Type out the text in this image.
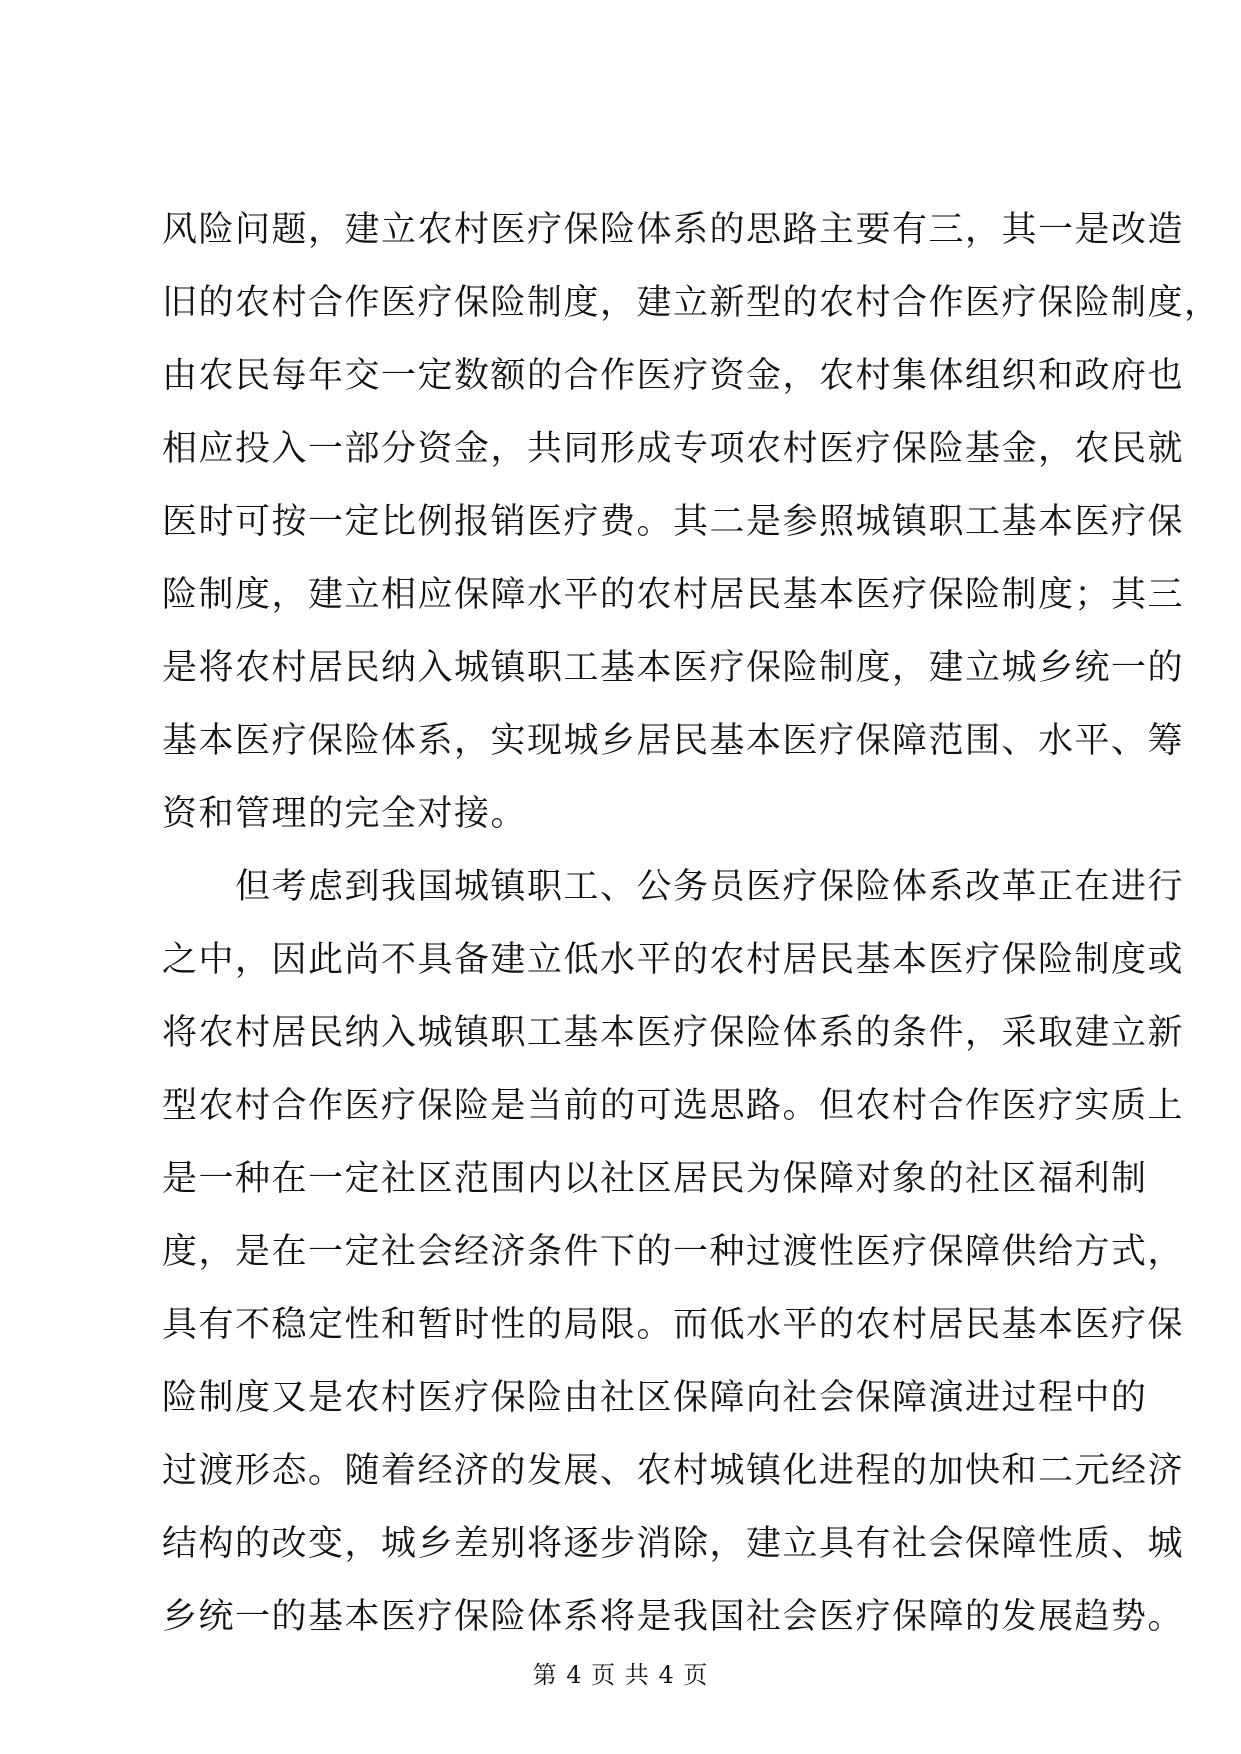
风险问题，建立农村医疗保险体系的思路主要有三，其一是改造
旧的农村合作医疗保险制度，建立新型的农村合作医疗保险制度，
由农民每年交一定数额的合作医疗资金，农村集体组织和政府也
相应投入一部分资金，共同形成专项农村医疗保险基金，农民就
医时可按一定比例报销医疗费。其二是参照城镇职工基本医疗保
险制度，建立相应保障水平的农村居民基本医疗保险制度；其三
是将农村居民纳入城镇职工基本医疗保险制度，建立城乡统一的
基本医疗保险体系，实现城乡居民基本医疗保障范围、水平、筹
资和管理的完全对接。
　　但考虑到我国城镇职工、公务员医疗保险体系改革正在进行
之中，因此尚不具备建立低水平的农村居民基本医疗保险制度或
将农村居民纳入城镇职工基本医疗保险体系的条件，采取建立新
型农村合作医疗保险是当前的可选思路。但农村合作医疗实质上
是一种在一定社区范围内以社区居民为保障对象的社区福利制
度，是在一定社会经济条件下的一种过渡性医疗保障供给方式，
具有不稳定性和暂时性的局限。而低水平的农村居民基本医疗保
险制度又是农村医疗保险由社区保障向社会保障演进过程中的
过渡形态。随着经济的发展、农村城镇化进程的加快和二元经济
结构的改变，城乡差别将逐步消除，建立具有社会保障性质、城
乡统一的基本医疗保险体系将是我国社会医疗保障的发展趋势。
第 4 页 共 4 页
